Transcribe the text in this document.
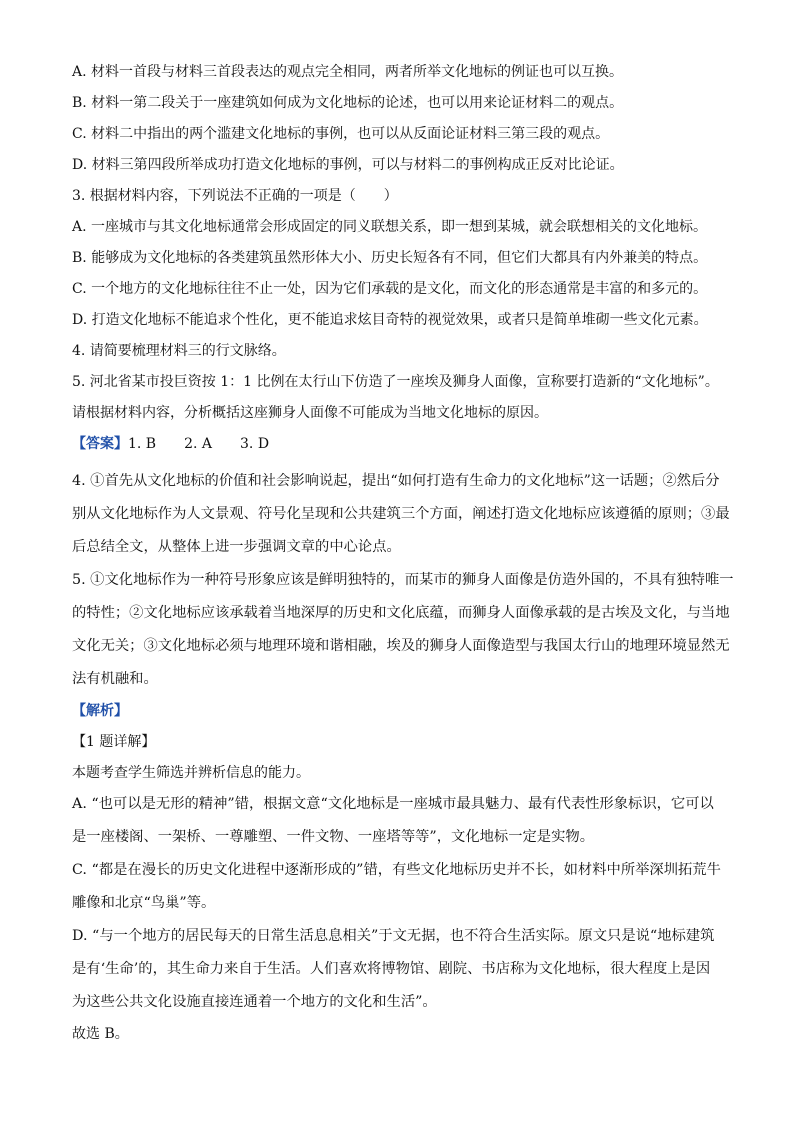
A. 材料一首段与材料三首段表达的观点完全相同，两者所举文化地标的例证也可以互换。

B. 材料一第二段关于一座建筑如何成为文化地标的论述，也可以用来论证材料二的观点。

C. 材料二中指出的两个滥建文化地标的事例，也可以从反面论证材料三第三段的观点。

D. 材料三第四段所举成功打造文化地标的事例，可以与材料二的事例构成正反对比论证。

3. 根据材料内容，下列说法不正确的一项是（　　）

A. 一座城市与其文化地标通常会形成固定的同义联想关系，即一想到某城，就会联想相关的文化地标。

B. 能够成为文化地标的各类建筑虽然形体大小、历史长短各有不同，但它们大都具有内外兼美的特点。

C. 一个地方的文化地标往往不止一处，因为它们承载的是文化，而文化的形态通常是丰富的和多元的。

D. 打造文化地标不能追求个性化，更不能追求炫目奇特的视觉效果，或者只是简单堆砌一些文化元素。

4. 请简要梳理材料三的行文脉络。

5. 河北省某市投巨资按 1：1 比例在太行山下仿造了一座埃及狮身人面像，宣称要打造新的“文化地标”。

请根据材料内容，分析概括这座狮身人面像不可能成为当地文化地标的原因。

【答案】1. B　　2. A　　3. D

4. ①首先从文化地标的价值和社会影响说起，提出“如何打造有生命力的文化地标”这一话题；②然后分

别从文化地标作为人文景观、符号化呈现和公共建筑三个方面，阐述打造文化地标应该遵循的原则；③最

后总结全文，从整体上进一步强调文章的中心论点。

5. ①文化地标作为一种符号形象应该是鲜明独特的，而某市的狮身人面像是仿造外国的，不具有独特唯一

的特性；②文化地标应该承载着当地深厚的历史和文化底蕴，而狮身人面像承载的是古埃及文化，与当地

文化无关；③文化地标必须与地理环境和谐相融，埃及的狮身人面像造型与我国太行山的地理环境显然无

法有机融和。

【解析】

【1 题详解】

本题考查学生筛选并辨析信息的能力。

A. “也可以是无形的精神”错，根据文意“文化地标是一座城市最具魅力、最有代表性形象标识，它可以

是一座楼阁、一架桥、一尊雕塑、一件文物、一座塔等等”，文化地标一定是实物。

C. “都是在漫长的历史文化进程中逐渐形成的”错，有些文化地标历史并不长，如材料中所举深圳拓荒牛

雕像和北京“鸟巢”等。

D. “与一个地方的居民每天的日常生活息息相关”于文无据，也不符合生活实际。原文只是说“地标建筑

是有‘生命’的，其生命力来自于生活。人们喜欢将博物馆、剧院、书店称为文化地标，很大程度上是因

为这些公共文化设施直接连通着一个地方的文化和生活”。

故选 B。
